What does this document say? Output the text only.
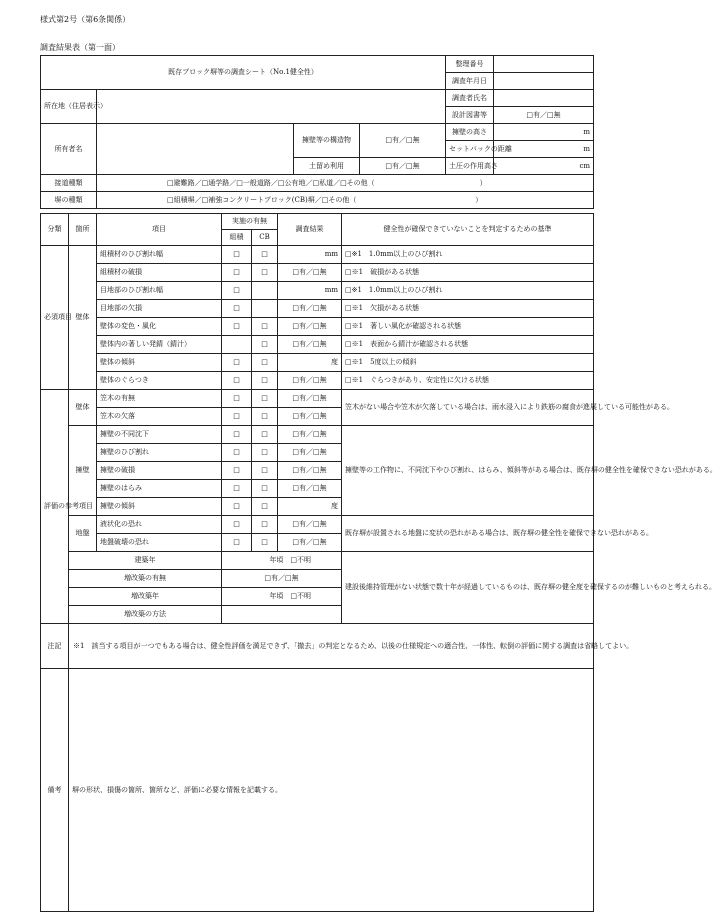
様式第2号（第6条関係）
調査結果表（第一面）
既存ブロック塀等の調査シート（No.1健全性）				整理番号	
				調査年月日	
所在地（住居表示）				調査者氏名	
				設計図書等	□有／□無
所有者名		擁壁等の構造物	□有／□無	擁壁の高さ	m
				セットバックの距離	m
		土留め利用	□有／□無	土圧の作用高さ	cm
接道種類	□避難路／□通学路／□一般道路／□公有地／□私道／□その他（　　　　　　　　　　　　　　　）				
塀の種類	□組積塀／□補強コンクリートブロック(CB)塀／□その他（　　　　　　　　　　　　　　　　　）				
分類	箇所	項目	実施の有無		調査結果	健全性が確保できていないことを判定するための基準
			組積	CB		
必須項目	壁体	組積材のひび割れ幅	□	□	mm	□※1　1.0mm以上のひび割れ
		組積材の破損	□	□	□有／□無	□※1　破損がある状態
		目地部のひび割れ幅	□		mm	□※1　1.0mm以上のひび割れ
		目地部の欠損	□		□有／□無	□※1　欠損がある状態
		壁体の変色・風化	□	□	□有／□無	□※1　著しい風化が確認される状態
		壁体内の著しい発錆（錆汁）		□	□有／□無	□※1　表面から錆汁が確認される状態
		壁体の傾斜	□	□	度	□※1　5度以上の傾斜
		壁体のぐらつき	□	□	□有／□無	□※1　ぐらつきがあり、安定性に欠ける状態
評価の参考項目	壁体	笠木の有無	□	□	□有／□無	笠木がない場合や笠木が欠落している場合は、雨水浸入により鉄筋の腐食が進展している可能性がある。
		笠木の欠落	□	□	□有／□無	
	擁壁	擁壁の不同沈下	□	□	□有／□無	擁壁等の工作物に、不同沈下やひび割れ、はらみ、傾斜等がある場合は、既存塀の健全性を確保できない恐れがある。
		擁壁のひび割れ	□	□	□有／□無	
		擁壁の破損	□	□	□有／□無	
		擁壁のはらみ	□	□	□有／□無	
		擁壁の傾斜	□	□	度	
	地盤	液状化の恐れ	□	□	□有／□無	既存塀が設置される地盤に変状の恐れがある場合は、既存塀の健全性を確保できない恐れがある。
		地盤破壊の恐れ	□	□	□有／□無	
	建築年		年頃　□不明			建設後維持管理がない状態で数十年が経過しているものは、既存塀の健全度を確保するのが難しいものと考えられる。
	増改築の有無		□有／□無			
	増改築年		年頃　□不明			
	増改築の方法					
注記	※1　該当する項目が一つでもある場合は、健全性評価を満足できず、「撤去」の判定となるため、以後の仕様規定への適合性、一体性、転倒の評価に関する調査は省略してよい。					
備考	塀の形状、損傷の箇所、箇所など、評価に必要な情報を記載する。					
